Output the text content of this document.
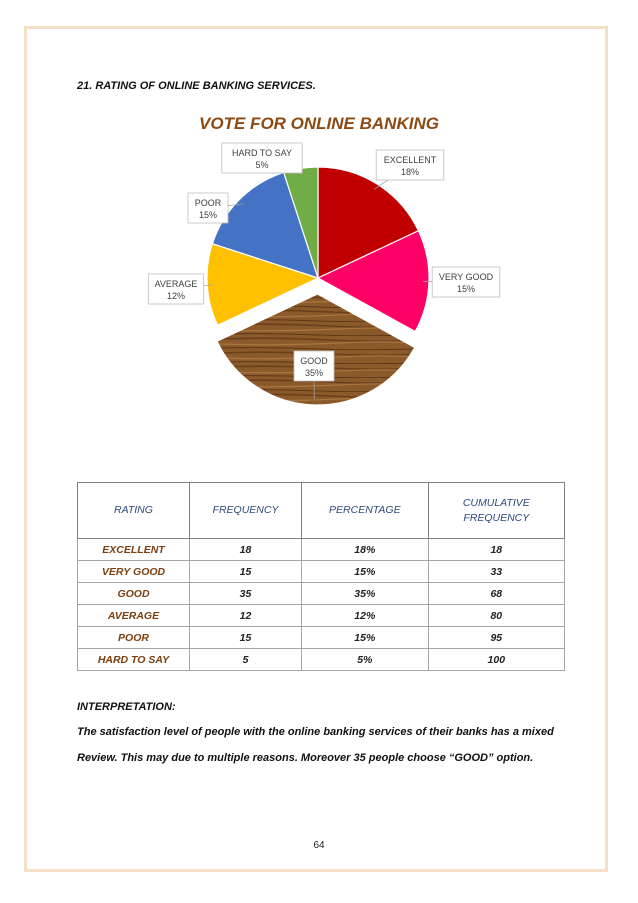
21. RATING OF ONLINE BANKING SERVICES.
VOTE FOR ONLINE BANKING
EXCELLENT
18%
VERY GOOD
15%
GOOD
35%
AVERAGE
12%
POOR
15%
HARD TO SAY
5%
RATING	FREQUENCY	PERCENTAGE	CUMULATIVE FREQUENCY
EXCELLENT	18	18%	18
VERY GOOD	15	15%	33
GOOD	35	35%	68
AVERAGE	12	12%	80
POOR	15	15%	95
HARD TO SAY	5	5%	100
INTERPRETATION:
The satisfaction level of people with the online banking services of their banks has a mixed
Review. This may due to multiple reasons. Moreover 35 people choose “GOOD” option.
64
